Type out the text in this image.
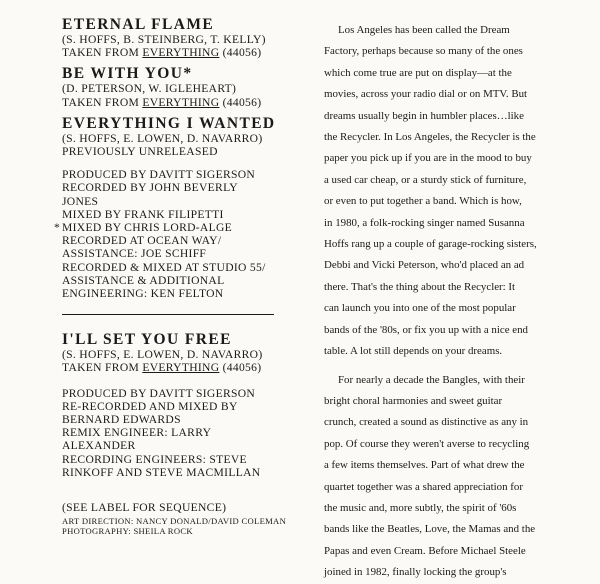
ETERNAL FLAME

(S. HOFFS, B. STEINBERG, T. KELLY)

TAKEN FROM EVERYTHING (44056)

BE WITH YOU*

(D. PETERSON, W. IGLEHEART)

TAKEN FROM EVERYTHING (44056)

EVERYTHING I WANTED

(S. HOFFS, E. LOWEN, D. NAVARRO)

PREVIOUSLY UNRELEASED

PRODUCED BY DAVITT SIGERSON

RECORDED BY JOHN BEVERLY

JONES

MIXED BY FRANK FILIPETTI

* MIXED BY CHRIS LORD-ALGE

RECORDED AT OCEAN WAY/

ASSISTANCE: JOE SCHIFF

RECORDED & MIXED AT STUDIO 55/

ASSISTANCE & ADDITIONAL

ENGINEERING: KEN FELTON

I'LL SET YOU FREE

(S. HOFFS, E. LOWEN, D. NAVARRO)

TAKEN FROM EVERYTHING (44056)

PRODUCED BY DAVITT SIGERSON

RE-RECORDED AND MIXED BY

BERNARD EDWARDS

REMIX ENGINEER: LARRY

ALEXANDER

RECORDING ENGINEERS: STEVE

RINKOFF AND STEVE MACMILLAN

(SEE LABEL FOR SEQUENCE)

ART DIRECTION: NANCY DONALD/DAVID COLEMAN
PHOTOGRAPHY: SHEILA ROCK

Los Angeles has been called the Dream

Factory, perhaps because so many of the ones

which come true are put on display—at the

movies, across your radio dial or on MTV. But

dreams usually begin in humbler places…like

the Recycler. In Los Angeles, the Recycler is the

paper you pick up if you are in the mood to buy

a used car cheap, or a sturdy stick of furniture,

or even to put together a band. Which is how,

in 1980, a folk-rocking singer named Susanna

Hoffs rang up a couple of garage-rocking sisters,

Debbi and Vicki Peterson, who'd placed an ad

there. That's the thing about the Recycler: It

can launch you into one of the most popular

bands of the '80s, or fix you up with a nice end

table. A lot still depends on your dreams.

For nearly a decade the Bangles, with their

bright choral harmonies and sweet guitar

crunch, created a sound as distinctive as any in

pop. Of course they weren't averse to recycling

a few items themselves. Part of what drew the

quartet together was a shared appreciation for

the music and, more subtly, the spirit of '60s

bands like the Beatles, Love, the Mamas and the

Papas and even Cream. Before Michael Steele

joined in 1982, finally locking the group's
